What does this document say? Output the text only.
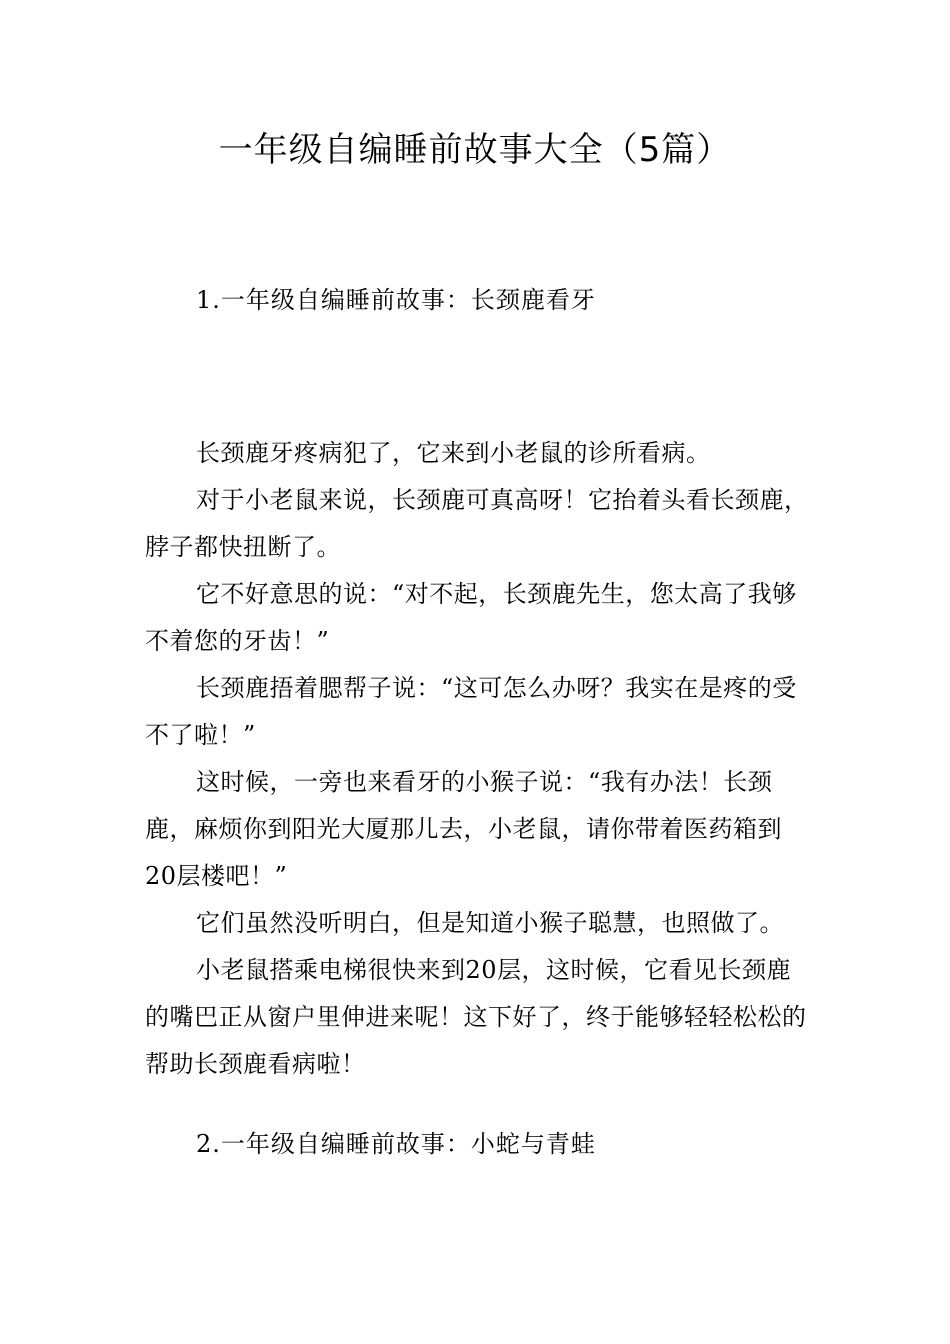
一年级自编睡前故事大全（5篇）
1.一年级自编睡前故事：长颈鹿看牙

长颈鹿牙疼病犯了，它来到小老鼠的诊所看病。

对于小老鼠来说，长颈鹿可真高呀！它抬着头看长颈鹿，脖子都快扭断了。

它不好意思的说：“对不起，长颈鹿先生，您太高了我够不着您的牙齿！”

长颈鹿捂着腮帮子说：“这可怎么办呀？我实在是疼的受不了啦！”

这时候，一旁也来看牙的小猴子说：“我有办法！长颈鹿，麻烦你到阳光大厦那儿去，小老鼠，请你带着医药箱到20层楼吧！”

它们虽然没听明白，但是知道小猴子聪慧，也照做了。

小老鼠搭乘电梯很快来到20层，这时候，它看见长颈鹿的嘴巴正从窗户里伸进来呢！这下好了，终于能够轻轻松松的帮助长颈鹿看病啦！

2.一年级自编睡前故事：小蛇与青蛙
